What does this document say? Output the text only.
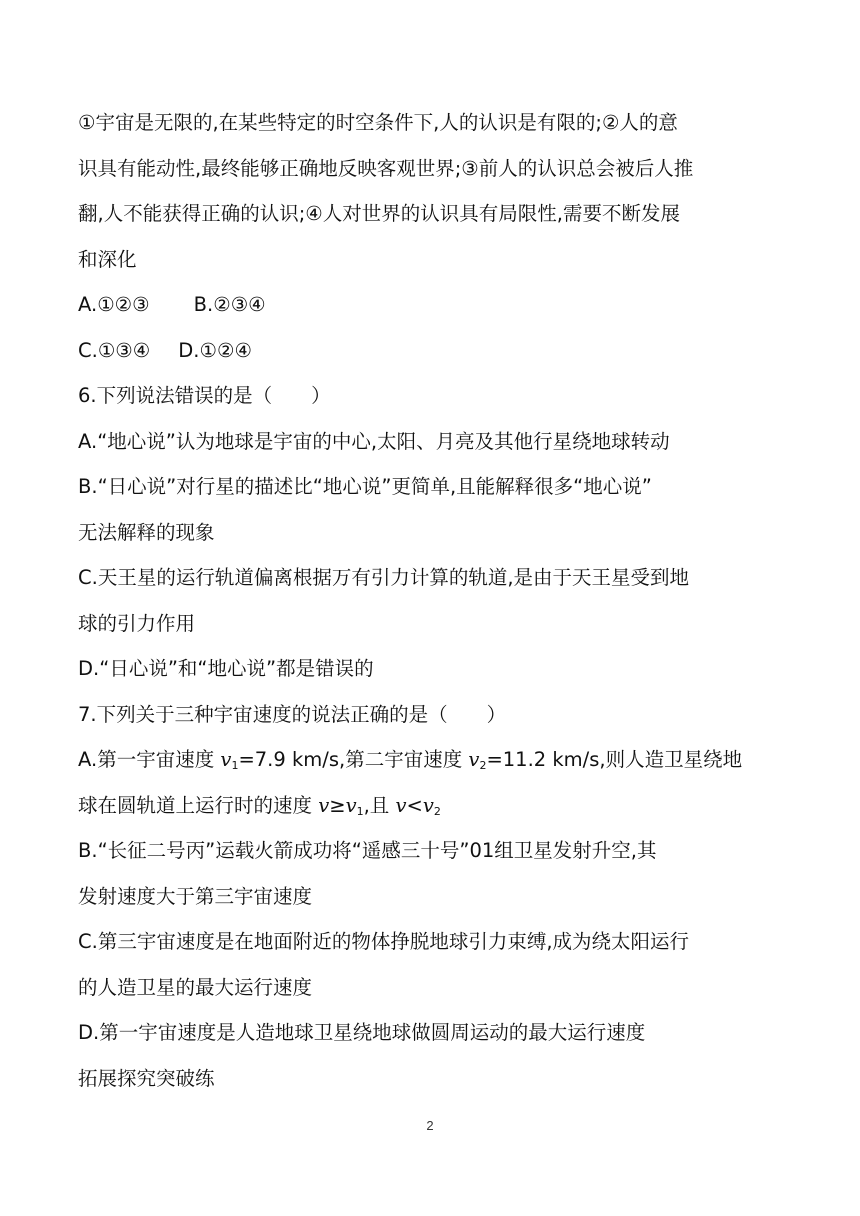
①宇宙是无限的,在某些特定的时空条件下,人的认识是有限的;②人的意
识具有能动性,最终能够正确地反映客观世界;③前人的认识总会被后人推
翻,人不能获得正确的认识;④人对世界的认识具有局限性,需要不断发展
和深化
A.①②③ B.②③④
C.①③④ D.①②④
6.下列说法错误的是（　　）
A.“地心说”认为地球是宇宙的中心,太阳、月亮及其他行星绕地球转动
B.“日心说”对行星的描述比“地心说”更简单,且能解释很多“地心说”
无法解释的现象
C.天王星的运行轨道偏离根据万有引力计算的轨道,是由于天王星受到地
球的引力作用
D.“日心说”和“地心说”都是错误的
7.下列关于三种宇宙速度的说法正确的是（　　）
A.第一宇宙速度 $v_1=7.9$ km/s,第二宇宙速度 $v_2=11.2$ km/s,则人造卫星绕地
球在圆轨道上运行时的速度 $v\ge v_1$,且 $v<v_2$
B.“长征二号丙”运载火箭成功将“遥感三十号”01组卫星发射升空,其
发射速度大于第三宇宙速度
C.第三宇宙速度是在地面附近的物体挣脱地球引力束缚,成为绕太阳运行
的人造卫星的最大运行速度
D.第一宇宙速度是人造地球卫星绕地球做圆周运动的最大运行速度
拓展探究突破练
2
